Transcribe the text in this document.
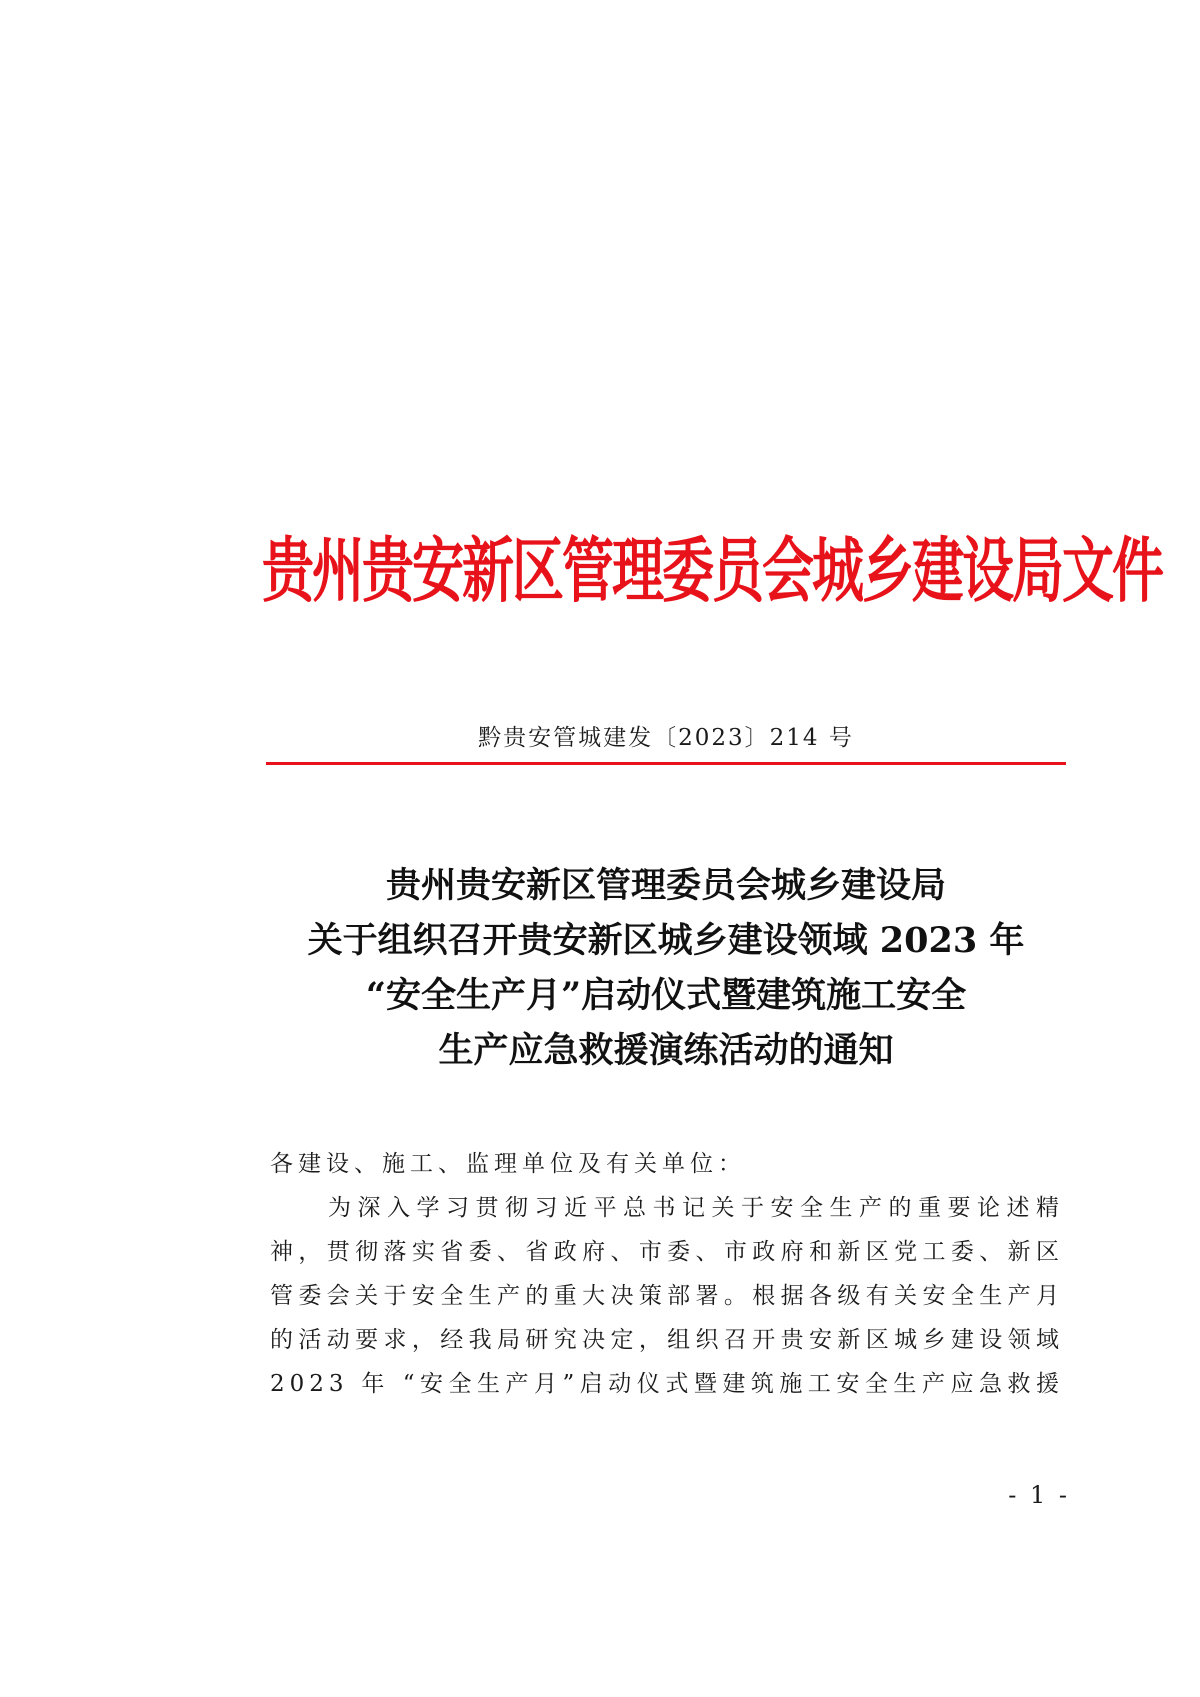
贵州贵安新区管理委员会城乡建设局文件
黔贵安管城建发〔2023〕214 号
贵州贵安新区管理委员会城乡建设局
关于组织召开贵安新区城乡建设领域 2023 年
“安全生产月”启动仪式暨建筑施工安全
生产应急救援演练活动的通知

各建设、施工、监理单位及有关单位：

为深入学习贯彻习近平总书记关于安全生产的重要论述精
神，贯彻落实省委、省政府、市委、市政府和新区党工委、新区
管委会关于安全生产的重大决策部署。根据各级有关安全生产月
的活动要求，经我局研究决定，组织召开贵安新区城乡建设领域
2023 年 “安全生产月”启动仪式暨建筑施工安全生产应急救援
- 1 -
